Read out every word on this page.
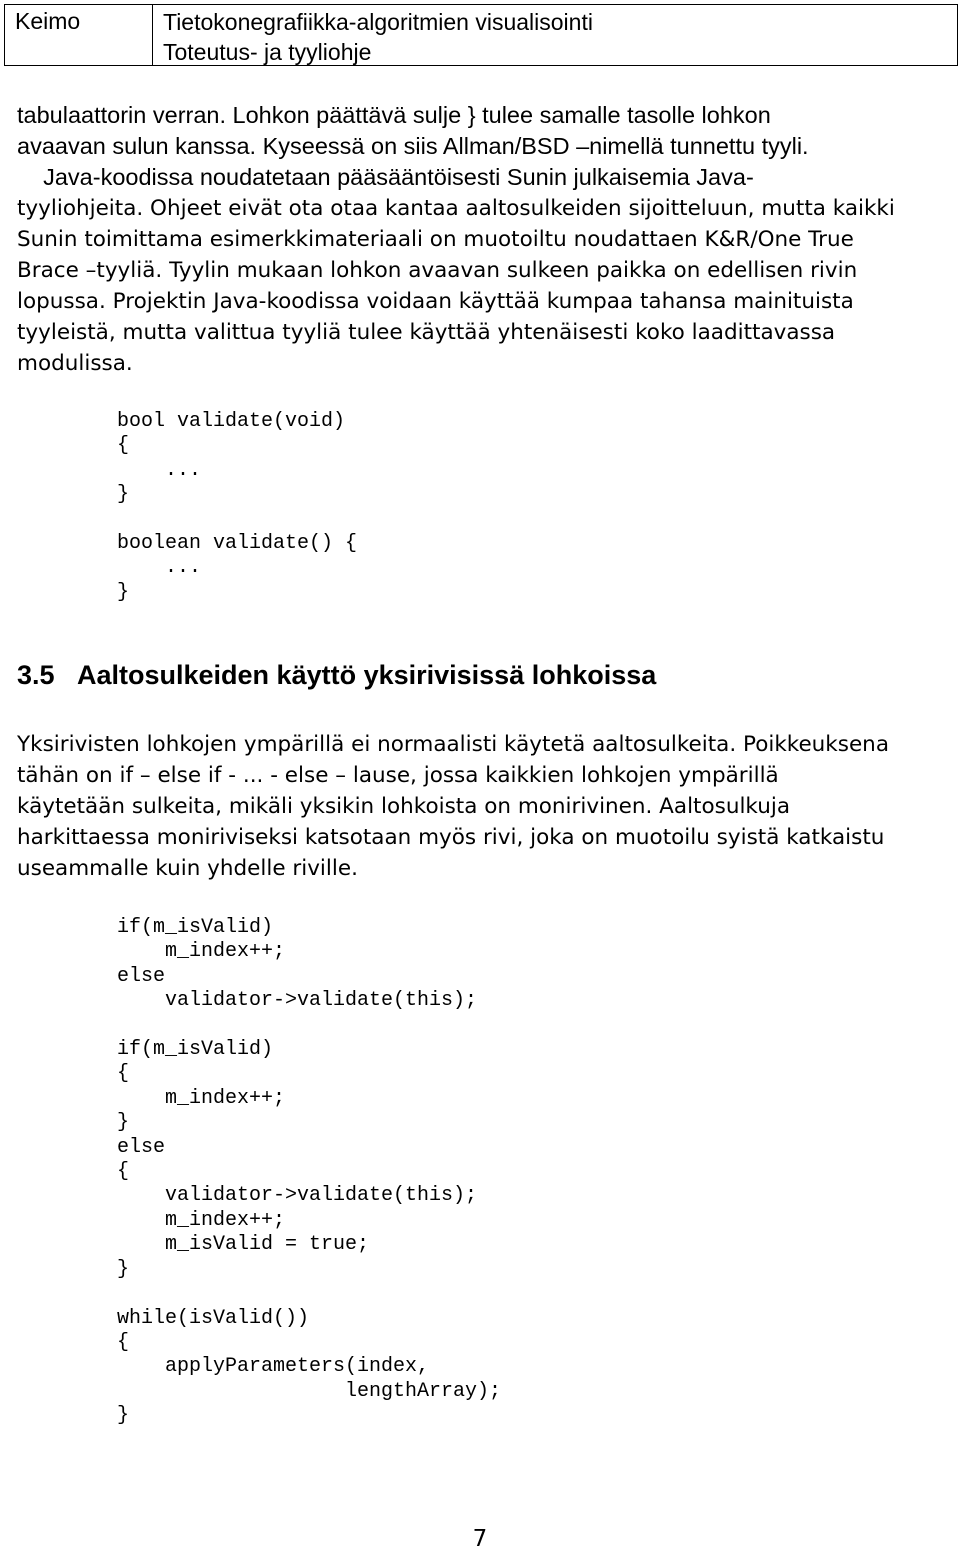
Keimo	Tietokonegrafiikka-algoritmien visualisointi
Toteutus- ja tyyliohje
tabulaattorin verran. Lohkon päättävä sulje } tulee samalle tasolle lohkon
avaavan sulun kanssa. Kyseessä on siis Allman/BSD –nimellä tunnettu tyyli.
Java-koodissa noudatetaan pääsääntöisesti Sunin julkaisemia Java-
tyyliohjeita. Ohjeet eivät ota otaa kantaa aaltosulkeiden sijoitteluun, mutta kaikki
Sunin toimittama esimerkkimateriaali on muotoiltu noudattaen K&R/One True
Brace –tyyliä. Tyylin mukaan lohkon avaavan sulkeen paikka on edellisen rivin
lopussa. Projektin Java-koodissa voidaan käyttää kumpaa tahansa mainituista
tyyleistä, mutta valittua tyyliä tulee käyttää yhtenäisesti koko laadittavassa
modulissa.
bool validate(void)
{
...
}

boolean validate() {
...
}
3.5 Aaltosulkeiden käyttö yksirivisissä lohkoissa
Yksirivisten lohkojen ympärillä ei normaalisti käytetä aaltosulkeita. Poikkeuksena
tähän on if – else if - ... - else – lause, jossa kaikkien lohkojen ympärillä
käytetään sulkeita, mikäli yksikin lohkoista on monirivinen. Aaltosulkuja
harkittaessa moniriviseksi katsotaan myös rivi, joka on muotoilu syistä katkaistu
useammalle kuin yhdelle riville.
if(m_isValid)
m_index++;
else
validator->validate(this);

if(m_isValid)
{
m_index++;
}
else
{
validator->validate(this);
m_index++;
m_isValid = true;
}

while(isValid())
{
applyParameters(index,
lengthArray);
}
7
